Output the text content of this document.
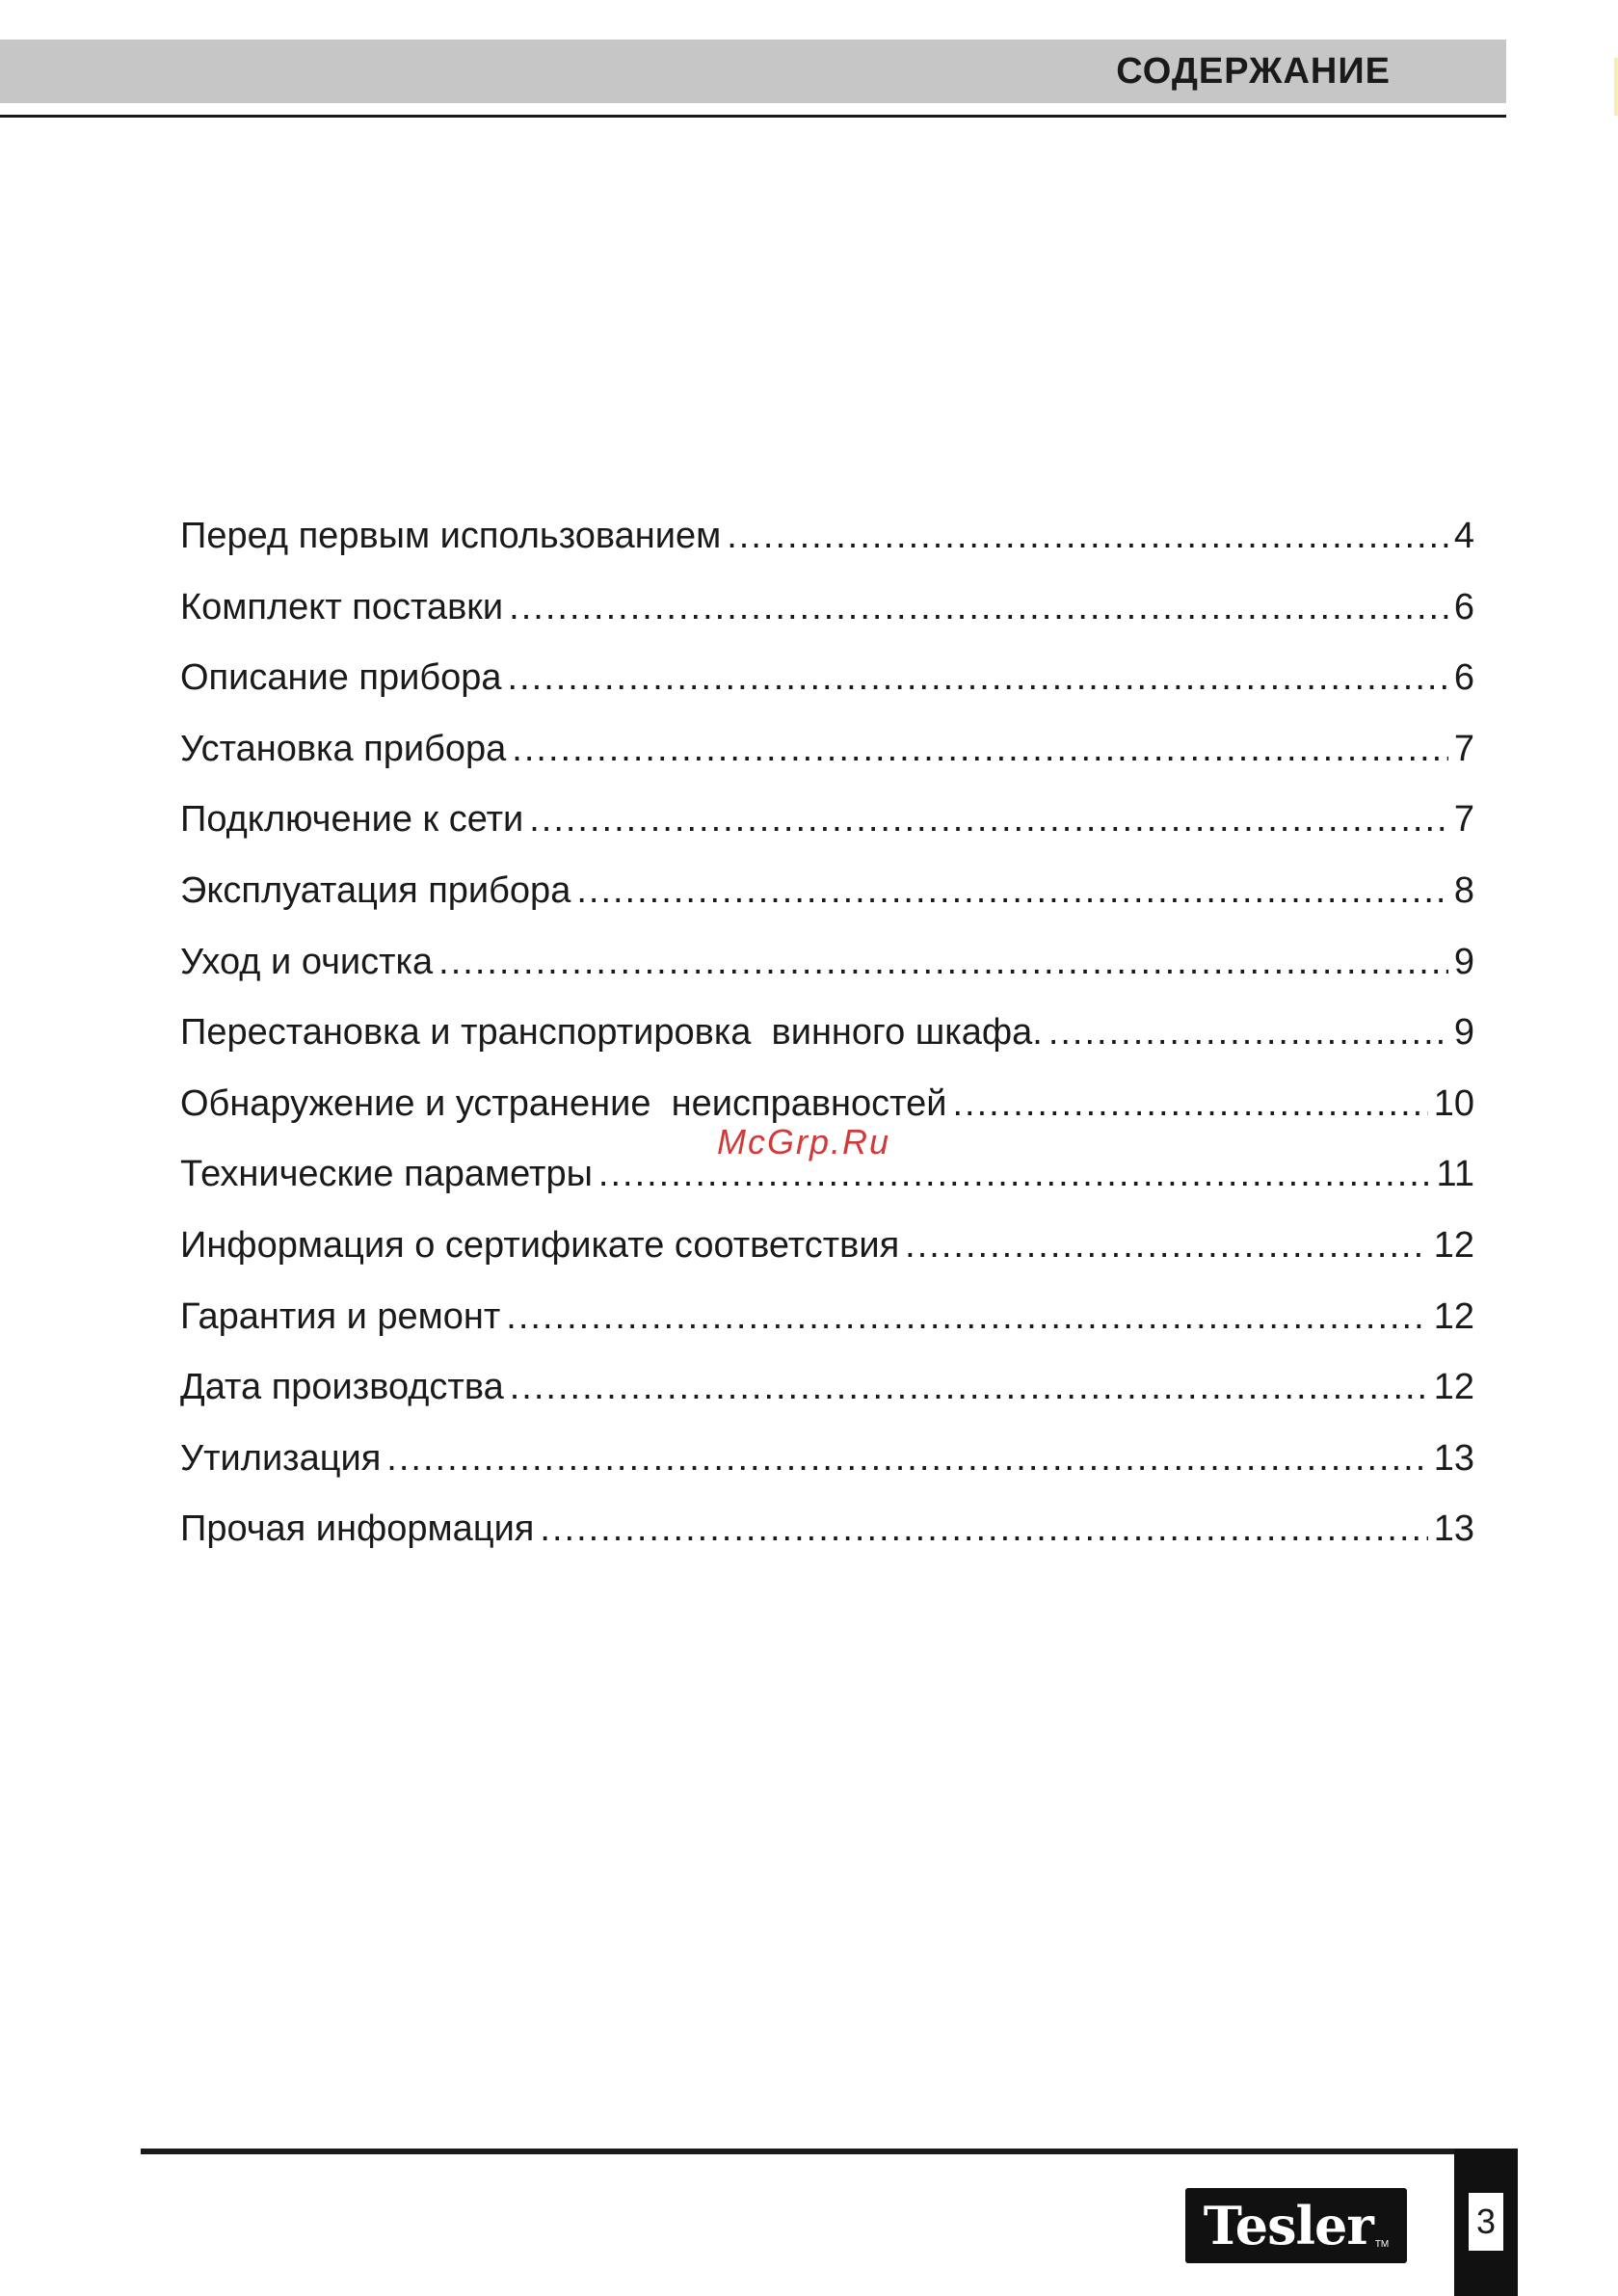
СОДЕРЖАНИЕ
Перед первым использованием .....	4
Комплект поставки .....	6
Описание прибора .....	6
Установка прибора .....	7
Подключение к сети .....	7
Эксплуатация прибора .....	8
Уход и очистка .....	9
Перестановка и транспортировка  винного шкафа. .....	9
Обнаружение и устранение  неисправностей .....	10
Технические параметры .....	11
Информация о сертификате соответствия .....	12
Гарантия и ремонт .....	12
Дата производства .....	12
Утилизация .....	13
Прочая информация .....	13
McGrp.Ru
Tesler TM
3
